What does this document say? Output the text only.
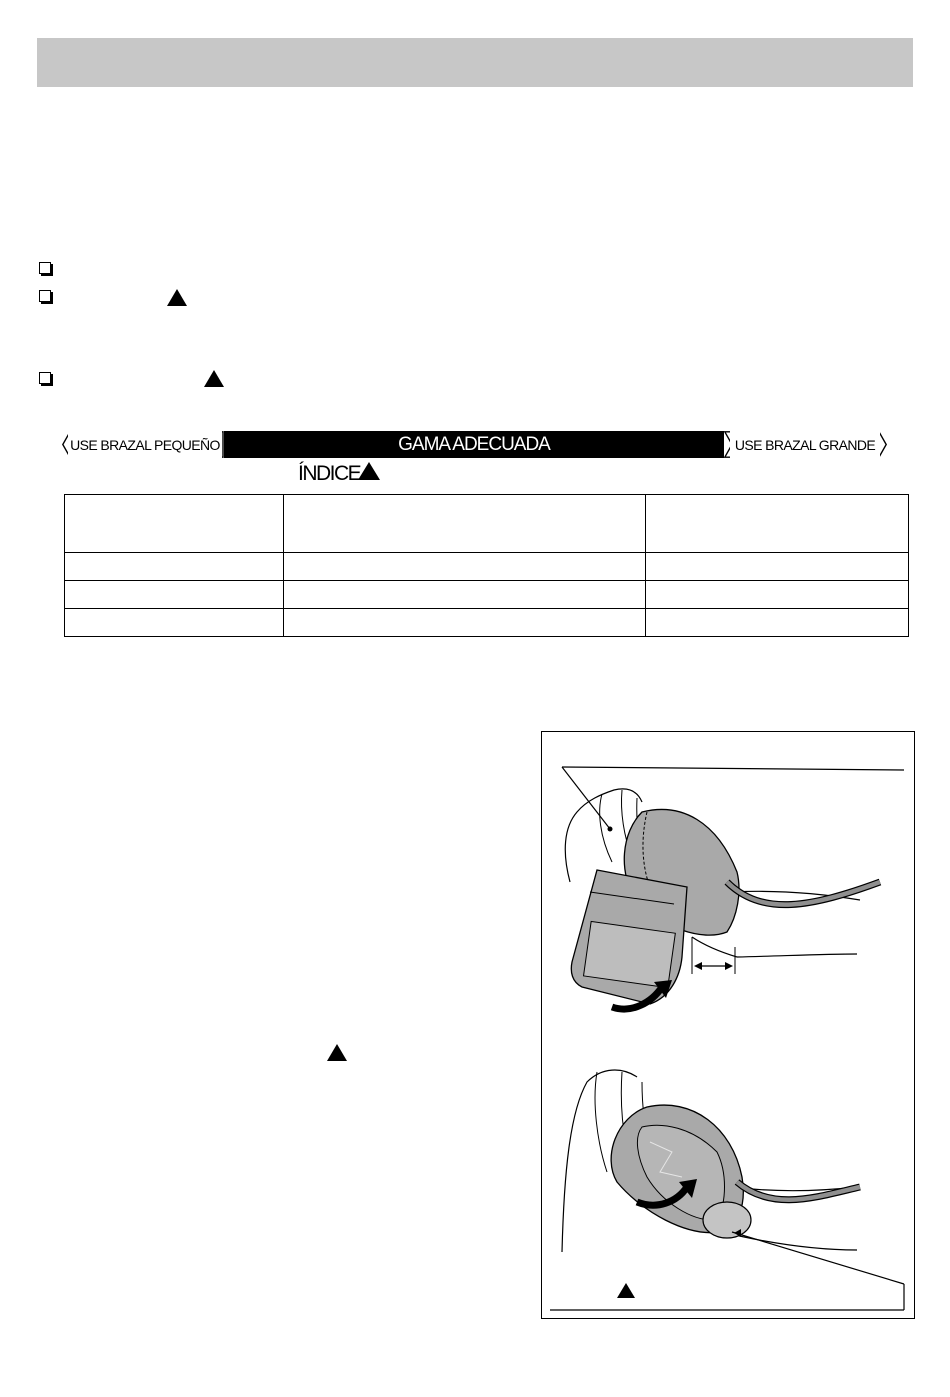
USE BRAZAL PEQUEÑO	GAMA ADECUADA	USE BRAZAL GRANDE
ÍNDICE
